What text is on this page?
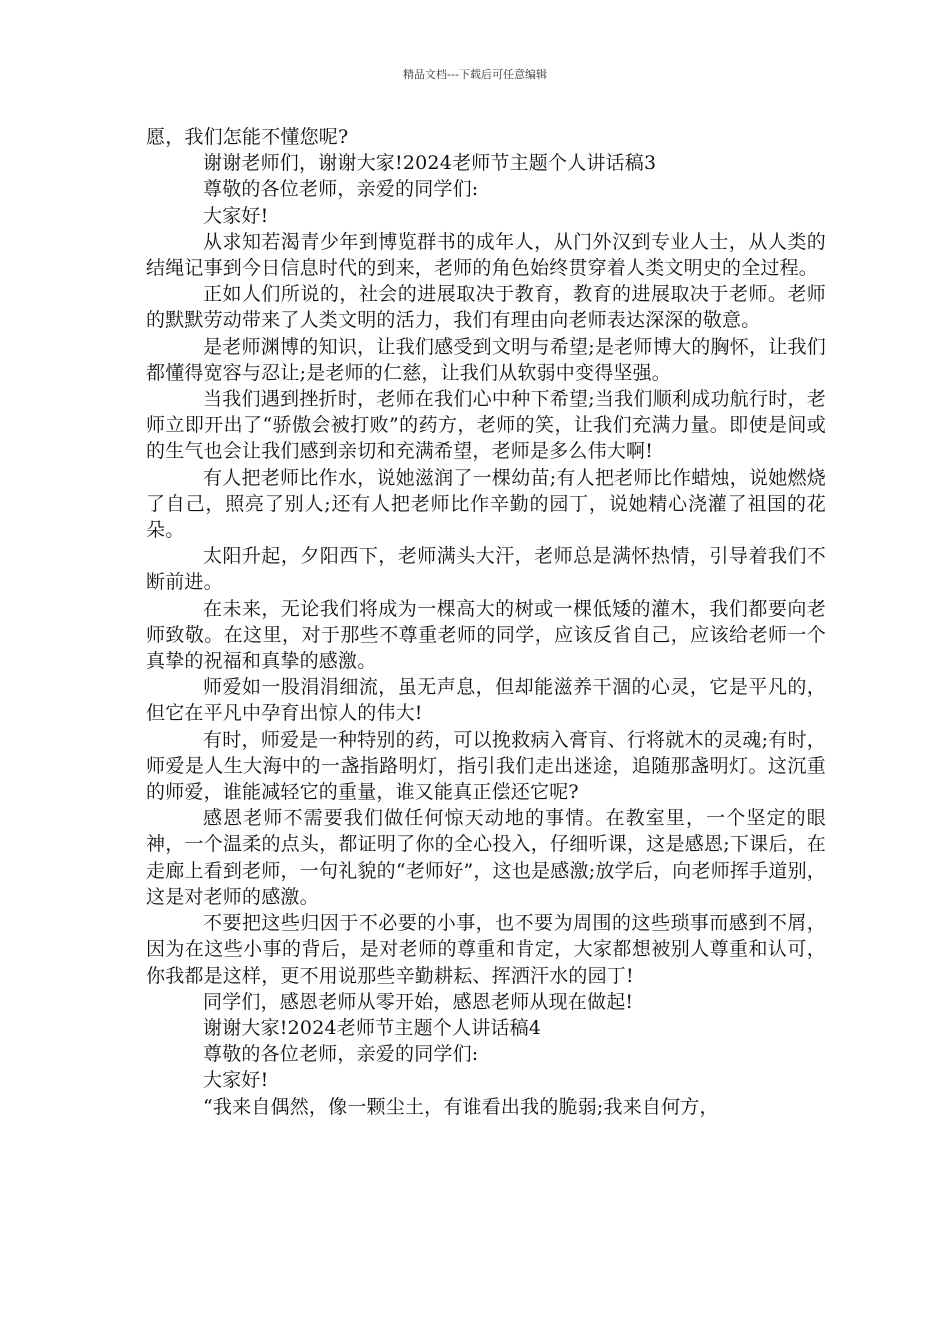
精品文档---下载后可任意编辑

愿，我们怎能不懂您呢?

谢谢老师们，谢谢大家!2024老师节主题个人讲话稿3

尊敬的各位老师，亲爱的同学们:

大家好!

从求知若渴青少年到博览群书的成年人，从门外汉到专业人士，从人类的结绳记事到今日信息时代的到来，老师的角色始终贯穿着人类文明史的全过程。

正如人们所说的，社会的进展取决于教育，教育的进展取决于老师。老师的默默劳动带来了人类文明的活力，我们有理由向老师表达深深的敬意。

是老师渊博的知识，让我们感受到文明与希望;是老师博大的胸怀，让我们都懂得宽容与忍让;是老师的仁慈，让我们从软弱中变得坚强。

当我们遇到挫折时，老师在我们心中种下希望;当我们顺利成功航行时，老师立即开出了“骄傲会被打败”的药方，老师的笑，让我们充满力量。即使是间或的生气也会让我们感到亲切和充满希望，老师是多么伟大啊!

有人把老师比作水，说她滋润了一棵幼苗;有人把老师比作蜡烛，说她燃烧了自己，照亮了别人;还有人把老师比作辛勤的园丁，说她精心浇灌了祖国的花朵。

太阳升起，夕阳西下，老师满头大汗，老师总是满怀热情，引导着我们不断前进。

在未来，无论我们将成为一棵高大的树或一棵低矮的灌木，我们都要向老师致敬。在这里，对于那些不尊重老师的同学，应该反省自己，应该给老师一个真挚的祝福和真挚的感激。

师爱如一股涓涓细流，虽无声息，但却能滋养干涸的心灵，它是平凡的，但它在平凡中孕育出惊人的伟大!

有时，师爱是一种特别的药，可以挽救病入膏肓、行将就木的灵魂;有时，师爱是人生大海中的一盏指路明灯，指引我们走出迷途，追随那盏明灯。这沉重的师爱，谁能减轻它的重量，谁又能真正偿还它呢?

感恩老师不需要我们做任何惊天动地的事情。在教室里，一个坚定的眼神，一个温柔的点头，都证明了你的全心投入，仔细听课，这是感恩;下课后，在走廊上看到老师，一句礼貌的“老师好”，这也是感激;放学后，向老师挥手道别，这是对老师的感激。

不要把这些归因于不必要的小事，也不要为周围的这些琐事而感到不屑，因为在这些小事的背后，是对老师的尊重和肯定，大家都想被别人尊重和认可，你我都是这样，更不用说那些辛勤耕耘、挥洒汗水的园丁!

同学们，感恩老师从零开始，感恩老师从现在做起!

谢谢大家!2024老师节主题个人讲话稿4

尊敬的各位老师，亲爱的同学们:

大家好!

“我来自偶然，像一颗尘土，有谁看出我的脆弱;我来自何方，
